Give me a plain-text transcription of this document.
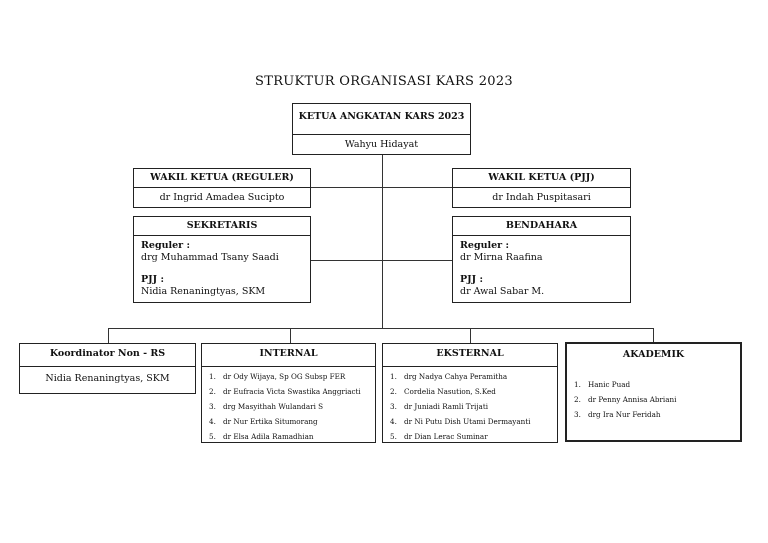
STRUKTUR ORGANISASI KARS 2023
KETUA ANGKATAN KARS 2023
Wahyu Hidayat
WAKIL KETUA (REGULER)
dr Ingrid Amadea Sucipto
WAKIL KETUA (PJJ)
dr Indah Puspitasari
SEKRETARIS
Reguler :
drg Muhammad Tsany Saadi
PJJ :
Nidia Renaningtyas, SKM
BENDAHARA
Reguler :
dr Mirna Raafina
PJJ :
dr Awal Sabar M.
Koordinator Non - RS
Nidia Renaningtyas, SKM
INTERNAL
1. dr Ody Wijaya, Sp OG Subsp FER
2. dr Eufracia Victa Swastika Anggriacti
3. drg Masyithah Wulandari S
4. dr Nur Ertika Situmorang
5. dr Elsa Adila Ramadhian
EKSTERNAL
1. drg Nadya Cahya Peramitha
2. Cordelia Nasution, S.Ked
3. dr Juniadi Ramli Trijati
4. dr Ni Putu Dish Utami Dermayanti
5. dr Dian Lerac Suminar
AKADEMIK
1. Hanic Puad
2. dr Penny Annisa Abriani
3. drg Ira Nur Feridah
